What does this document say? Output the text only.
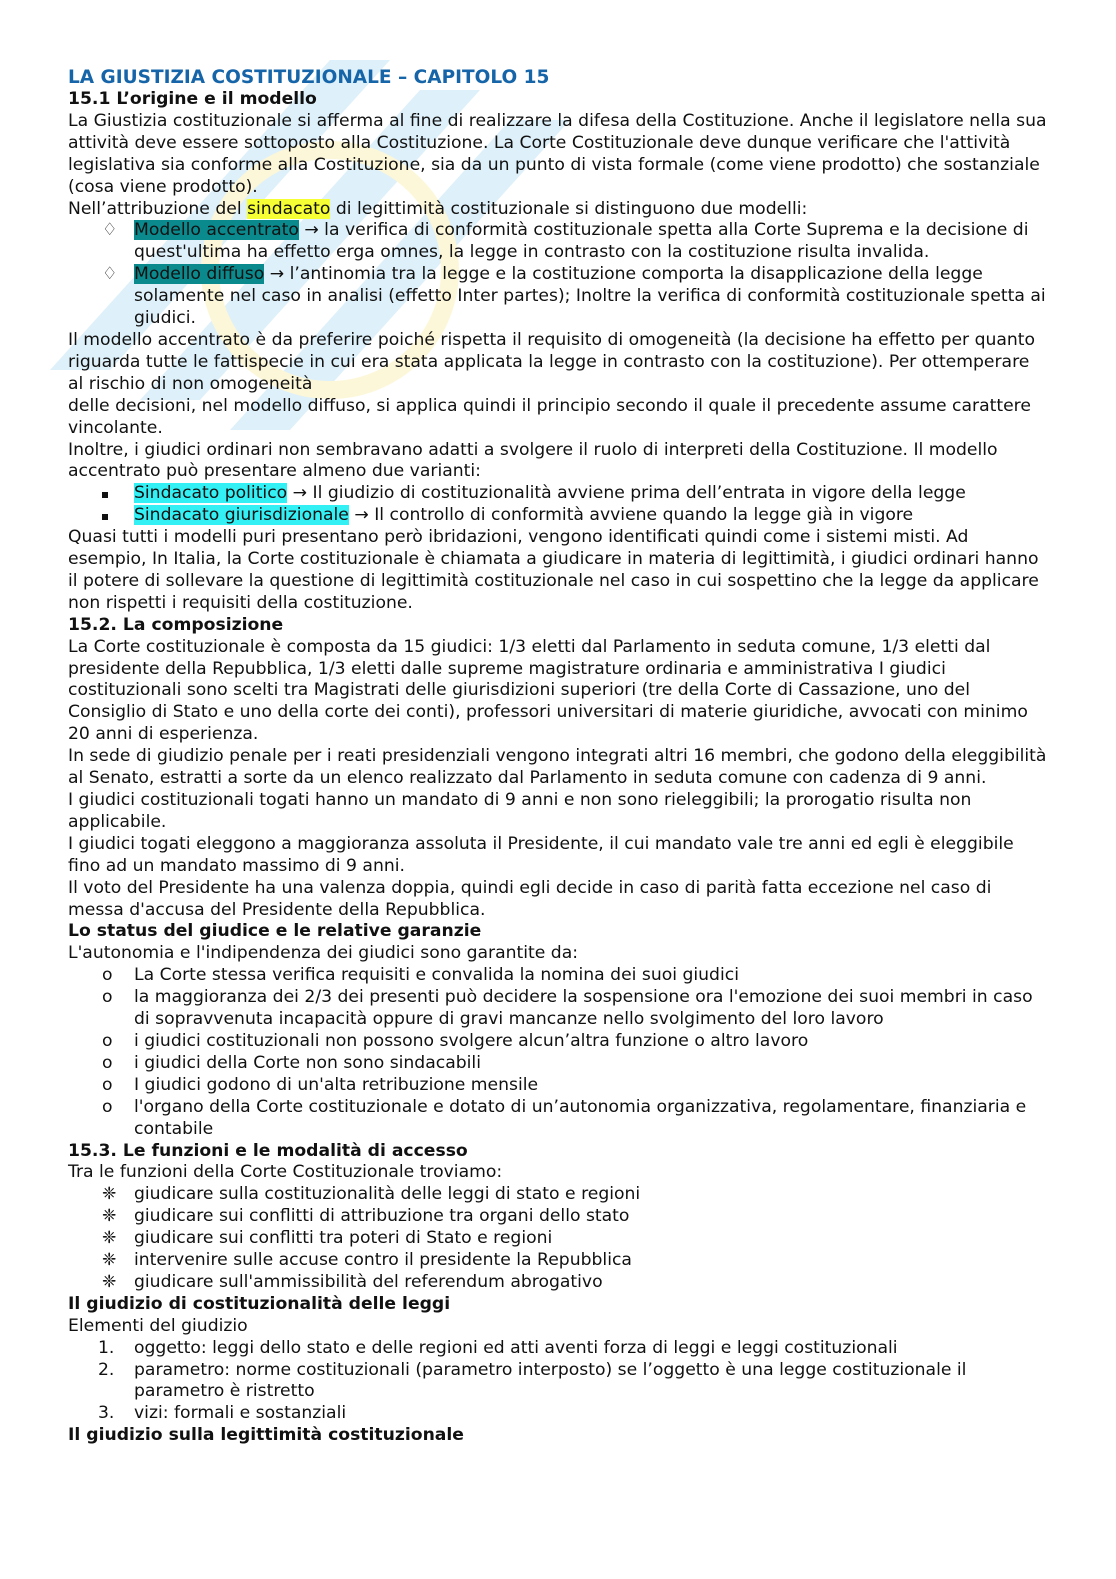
LA GIUSTIZIA COSTITUZIONALE – CAPITOLO 15
15.1 L’origine e il modello

La Giustizia costituzionale si afferma al fine di realizzare la difesa della Costituzione. Anche il legislatore nella sua attività deve essere sottoposto alla Costituzione. La Corte Costituzionale deve dunque verificare che l'attività legislativa sia conforme alla Costituzione, sia da un punto di vista formale (come viene prodotto) che sostanziale (cosa viene prodotto).

Nell’attribuzione del sindacato di legittimità costituzionale si distinguono due modelli:

♢ Modello accentrato → la verifica di conformità costituzionale spetta alla Corte Suprema e la decisione di quest'ultima ha effetto erga omnes, la legge in contrasto con la costituzione risulta invalida.
♢ Modello diffuso → l’antinomia tra la legge e la costituzione comporta la disapplicazione della legge solamente nel caso in analisi (effetto Inter partes); Inoltre la verifica di conformità costituzionale spetta ai giudici.

Il modello accentrato è da preferire poiché rispetta il requisito di omogeneità (la decisione ha effetto per quanto riguarda tutte le fattispecie in cui era stata applicata la legge in contrasto con la costituzione). Per ottemperare al rischio di non omogeneità

delle decisioni, nel modello diffuso, si applica quindi il principio secondo il quale il precedente assume carattere vincolante.

Inoltre, i giudici ordinari non sembravano adatti a svolgere il ruolo di interpreti della Costituzione. Il modello accentrato può presentare almeno due varianti:

Sindacato politico → Il giudizio di costituzionalità avviene prima dell’entrata in vigore della legge
Sindacato giurisdizionale → Il controllo di conformità avviene quando la legge già in vigore

Quasi tutti i modelli puri presentano però ibridazioni, vengono identificati quindi come i sistemi misti. Ad esempio, In Italia, la Corte costituzionale è chiamata a giudicare in materia di legittimità, i giudici ordinari hanno il potere di sollevare la questione di legittimità costituzionale nel caso in cui sospettino che la legge da applicare non rispetti i requisiti della costituzione.

15.2. La composizione

La Corte costituzionale è composta da 15 giudici: 1/3 eletti dal Parlamento in seduta comune, 1/3 eletti dal presidente della Repubblica, 1/3 eletti dalle supreme magistrature ordinaria e amministrativa I giudici costituzionali sono scelti tra Magistrati delle giurisdizioni superiori (tre della Corte di Cassazione, uno del Consiglio di Stato e uno della corte dei conti), professori universitari di materie giuridiche, avvocati con minimo 20 anni di esperienza.

In sede di giudizio penale per i reati presidenziali vengono integrati altri 16 membri, che godono della eleggibilità al Senato, estratti a sorte da un elenco realizzato dal Parlamento in seduta comune con cadenza di 9 anni.

I giudici costituzionali togati hanno un mandato di 9 anni e non sono rieleggibili; la prorogatio risulta non applicabile.

I giudici togati eleggono a maggioranza assoluta il Presidente, il cui mandato vale tre anni ed egli è eleggibile fino ad un mandato massimo di 9 anni.

Il voto del Presidente ha una valenza doppia, quindi egli decide in caso di parità fatta eccezione nel caso di messa d'accusa del Presidente della Repubblica.

Lo status del giudice e le relative garanzie

L'autonomia e l'indipendenza dei giudici sono garantite da:

o La Corte stessa verifica requisiti e convalida la nomina dei suoi giudici
o la maggioranza dei 2/3 dei presenti può decidere la sospensione ora l'emozione dei suoi membri in caso di sopravvenuta incapacità oppure di gravi mancanze nello svolgimento del loro lavoro
o i giudici costituzionali non possono svolgere alcun’altra funzione o altro lavoro
o i giudici della Corte non sono sindacabili
o I giudici godono di un'alta retribuzione mensile
o l'organo della Corte costituzionale e dotato di un’autonomia organizzativa, regolamentare, finanziaria e contabile
15.3. Le funzioni e le modalità di accesso

Tra le funzioni della Corte Costituzionale troviamo:

❈ giudicare sulla costituzionalità delle leggi di stato e regioni
❈ giudicare sui conflitti di attribuzione tra organi dello stato
❈ giudicare sui conflitti tra poteri di Stato e regioni
❈ intervenire sulle accuse contro il presidente la Repubblica
❈ giudicare sull'ammissibilità del referendum abrogativo
Il giudizio di costituzionalità delle leggi

Elementi del giudizio

1. oggetto: leggi dello stato e delle regioni ed atti aventi forza di leggi e leggi costituzionali
2. parametro: norme costituzionali (parametro interposto) se l’oggetto è una legge costituzionale il parametro è ristretto
3. vizi: formali e sostanziali
Il giudizio sulla legittimità costituzionale
